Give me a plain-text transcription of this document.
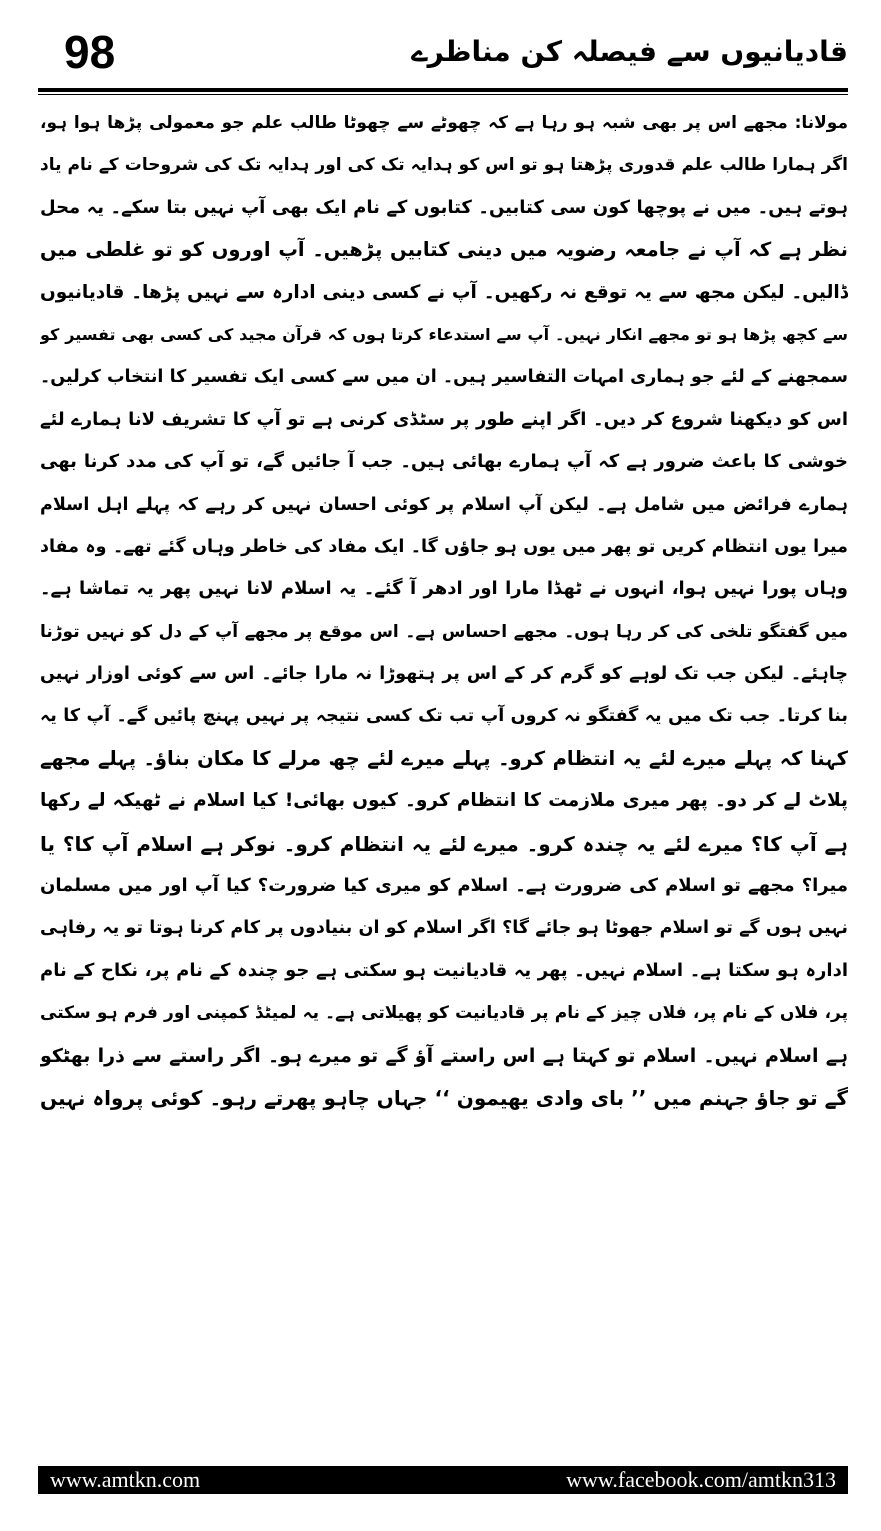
98	قادیانیوں سے فیصلہ کن مناظرے
مولانا: مجھے اس پر بھی شبہ ہو رہا ہے کہ چھوٹے سے چھوٹا طالب علم جو معمولی پڑھا ہوا ہو،
اگر ہمارا طالب علم قدوری پڑھتا ہو تو اس کو ہدایہ تک کی اور ہدایہ تک کی شروحات کے نام یاد
ہوتے ہیں۔ میں نے پوچھا کون سی کتابیں۔ کتابوں کے نام ایک بھی آپ نہیں بتا سکے۔ یہ محل
نظر ہے کہ آپ نے جامعہ رضویہ میں دینی کتابیں پڑھیں۔ آپ اوروں کو تو غلطی میں
ڈالیں۔ لیکن مجھ سے یہ توقع نہ رکھیں۔ آپ نے کسی دینی ادارہ سے نہیں پڑھا۔ قادیانیوں
سے کچھ پڑھا ہو تو مجھے انکار نہیں۔ آپ سے استدعاء کرتا ہوں کہ قرآن مجید کی کسی بھی تفسیر کو
سمجھنے کے لئے جو ہماری امہات التفاسیر ہیں۔ ان میں سے کسی ایک تفسیر کا انتخاب کرلیں۔
اس کو دیکھنا شروع کر دیں۔ اگر اپنے طور پر سٹڈی کرنی ہے تو آپ کا تشریف لانا ہمارے لئے
خوشی کا باعث ضرور ہے کہ آپ ہمارے بھائی ہیں۔ جب آ جائیں گے، تو آپ کی مدد کرنا بھی
ہمارے فرائض میں شامل ہے۔ لیکن آپ اسلام پر کوئی احسان نہیں کر رہے کہ پہلے اہل اسلام
میرا یوں انتظام کریں تو پھر میں یوں ہو جاؤں گا۔ ایک مفاد کی خاطر وہاں گئے تھے۔ وہ مفاد
وہاں پورا نہیں ہوا، انہوں نے ٹھڈا مارا اور ادھر آ گئے۔ یہ اسلام لانا نہیں پھر یہ تماشا ہے۔
میں گفتگو تلخی کی کر رہا ہوں۔ مجھے احساس ہے۔ اس موقع پر مجھے آپ کے دل کو نہیں توڑنا
چاہئے۔ لیکن جب تک لوہے کو گرم کر کے اس پر ہتھوڑا نہ مارا جائے۔ اس سے کوئی اوزار نہیں
بنا کرتا۔ جب تک میں یہ گفتگو نہ کروں آپ تب تک کسی نتیجہ پر نہیں پہنچ پائیں گے۔ آپ کا یہ
کہنا کہ پہلے میرے لئے یہ انتظام کرو۔ پہلے میرے لئے چھ مرلے کا مکان بناؤ۔ پہلے مجھے
پلاٹ لے کر دو۔ پھر میری ملازمت کا انتظام کرو۔ کیوں بھائی! کیا اسلام نے ٹھیکہ لے رکھا
ہے آپ کا؟ میرے لئے یہ چندہ کرو۔ میرے لئے یہ انتظام کرو۔ نوکر ہے اسلام آپ کا؟ یا
میرا؟ مجھے تو اسلام کی ضرورت ہے۔ اسلام کو میری کیا ضرورت؟ کیا آپ اور میں مسلمان
نہیں ہوں گے تو اسلام جھوٹا ہو جائے گا؟ اگر اسلام کو ان بنیادوں پر کام کرنا ہوتا تو یہ رفاہی
ادارہ ہو سکتا ہے۔ اسلام نہیں۔ پھر یہ قادیانیت ہو سکتی ہے جو چندہ کے نام پر، نکاح کے نام
پر، فلاں کے نام پر، فلاں چیز کے نام پر قادیانیت کو پھیلاتی ہے۔ یہ لمیٹڈ کمپنی اور فرم ہو سکتی
ہے اسلام نہیں۔ اسلام تو کہتا ہے اس راستے آؤ گے تو میرے ہو۔ اگر راستے سے ذرا بھٹکو
گے تو جاؤ جہنم میں ’’ بای وادی یھیمون ‘‘ جہاں چاہو پھرتے رہو۔ کوئی پرواہ نہیں
www.amtkn.com	www.facebook.com/amtkn313
